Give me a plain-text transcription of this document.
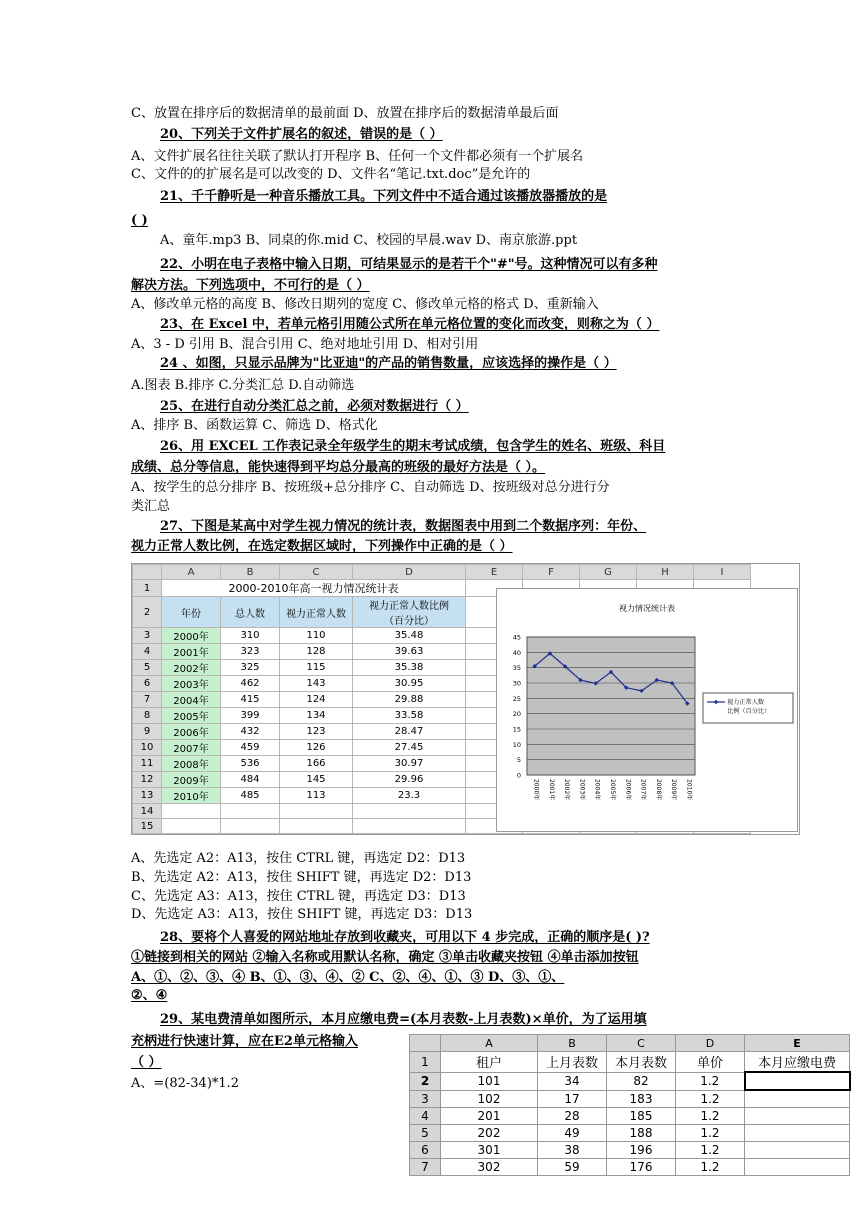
C、放置在排序后的数据清单的最前面 D、放置在排序后的数据清单最后面
20、下列关于文件扩展名的叙述，错误的是（ ）
A、文件扩展名往往关联了默认打开程序 B、任何一个文件都必须有一个扩展名
C、文件的的扩展名是可以改变的 D、文件名“笔记.txt.doc”是允许的
21、千千静听是一种音乐播放工具。下列文件中不适合通过该播放器播放的是
( )
A、童年.mp3 B、同桌的你.mid C、校园的早晨.wav D、南京旅游.ppt
22、小明在电子表格中输入日期，可结果显示的是若干个"#"号。这种情况可以有多种
解决方法。下列选项中，不可行的是（ ）
A、修改单元格的高度 B、修改日期列的宽度 C、修改单元格的格式 D、重新输入
23、在 Excel 中，若单元格引用随公式所在单元格位置的变化而改变，则称之为（ ）
A、3 - D 引用 B、混合引用 C、绝对地址引用 D、相对引用
24 、如图，只显示品牌为"比亚迪"的产品的销售数量，应该选择的操作是（ ）
A.图表 B.排序 C.分类汇总 D.自动筛选
25、在进行自动分类汇总之前，必须对数据进行（ ）
A、排序 B、函数运算 C、筛选 D、格式化
26、用 EXCEL 工作表记录全年级学生的期末考试成绩，包含学生的姓名、班级、科目
成绩、总分等信息，能快速得到平均总分最高的班级的最好方法是（ ）。
A、按学生的总分排序 B、按班级+总分排序 C、自动筛选 D、按班级对总分进行分
类汇总
27、下图是某高中对学生视力情况的统计表，数据图表中用到二个数据序列：年份、
视力正常人数比例，在选定数据区域时，下列操作中正确的是（ ）
	A	B	C	D	E	F	G	H	I
1	2000-2010年高一视力情况统计表								
2	年份	总人数	视力正常人数	视力正常人数比例
（百分比）					
3	2000年	310	110	35.48					
4	2001年	323	128	39.63					
5	2002年	325	115	35.38					
6	2003年	462	143	30.95					
7	2004年	415	124	29.88					
8	2005年	399	134	33.58					
9	2006年	432	123	28.47					
10	2007年	459	126	27.45					
11	2008年	536	166	30.97					
12	2009年	484	145	29.96					
13	2010年	485	113	23.3					
14									
15									
视力情况统计表
45
40
35
30
25
20
15
10
5
0
2000年 2001年 2002年 2003年 2004年 2005年 2006年 2007年 2008年 2009年 2010年
视力正常人数比例（百分比）
A、先选定 A2：A13，按住 CTRL 键，再选定 D2：D13
B、先选定 A2：A13，按住 SHIFT 键，再选定 D2：D13
C、先选定 A3：A13，按住 CTRL 键，再选定 D3：D13
D、先选定 A3：A13，按住 SHIFT 键，再选定 D3：D13
28、要将个人喜爱的网站地址存放到收藏夹，可用以下 4 步完成，正确的顺序是( )?
①链接到相关的网站 ②输入名称或用默认名称，确定 ③单击收藏夹按钮 ④单击添加按钮
A、①、②、③、④ B、①、③、④、② C、②、④、①、③ D、③、①、
②、④
29、某电费清单如图所示，本月应缴电费=(本月表数-上月表数)×单价，为了运用填
充柄进行快速计算，应在E2单元格输入
（ ）
A、=(82-34)*1.2
	A	B	C	D	E
1	租户	上月表数	本月表数	单价	本月应缴电费
2	101	34	82	1.2	
3	102	17	183	1.2	
4	201	28	185	1.2	
5	202	49	188	1.2	
6	301	38	196	1.2	
7	302	59	176	1.2	
